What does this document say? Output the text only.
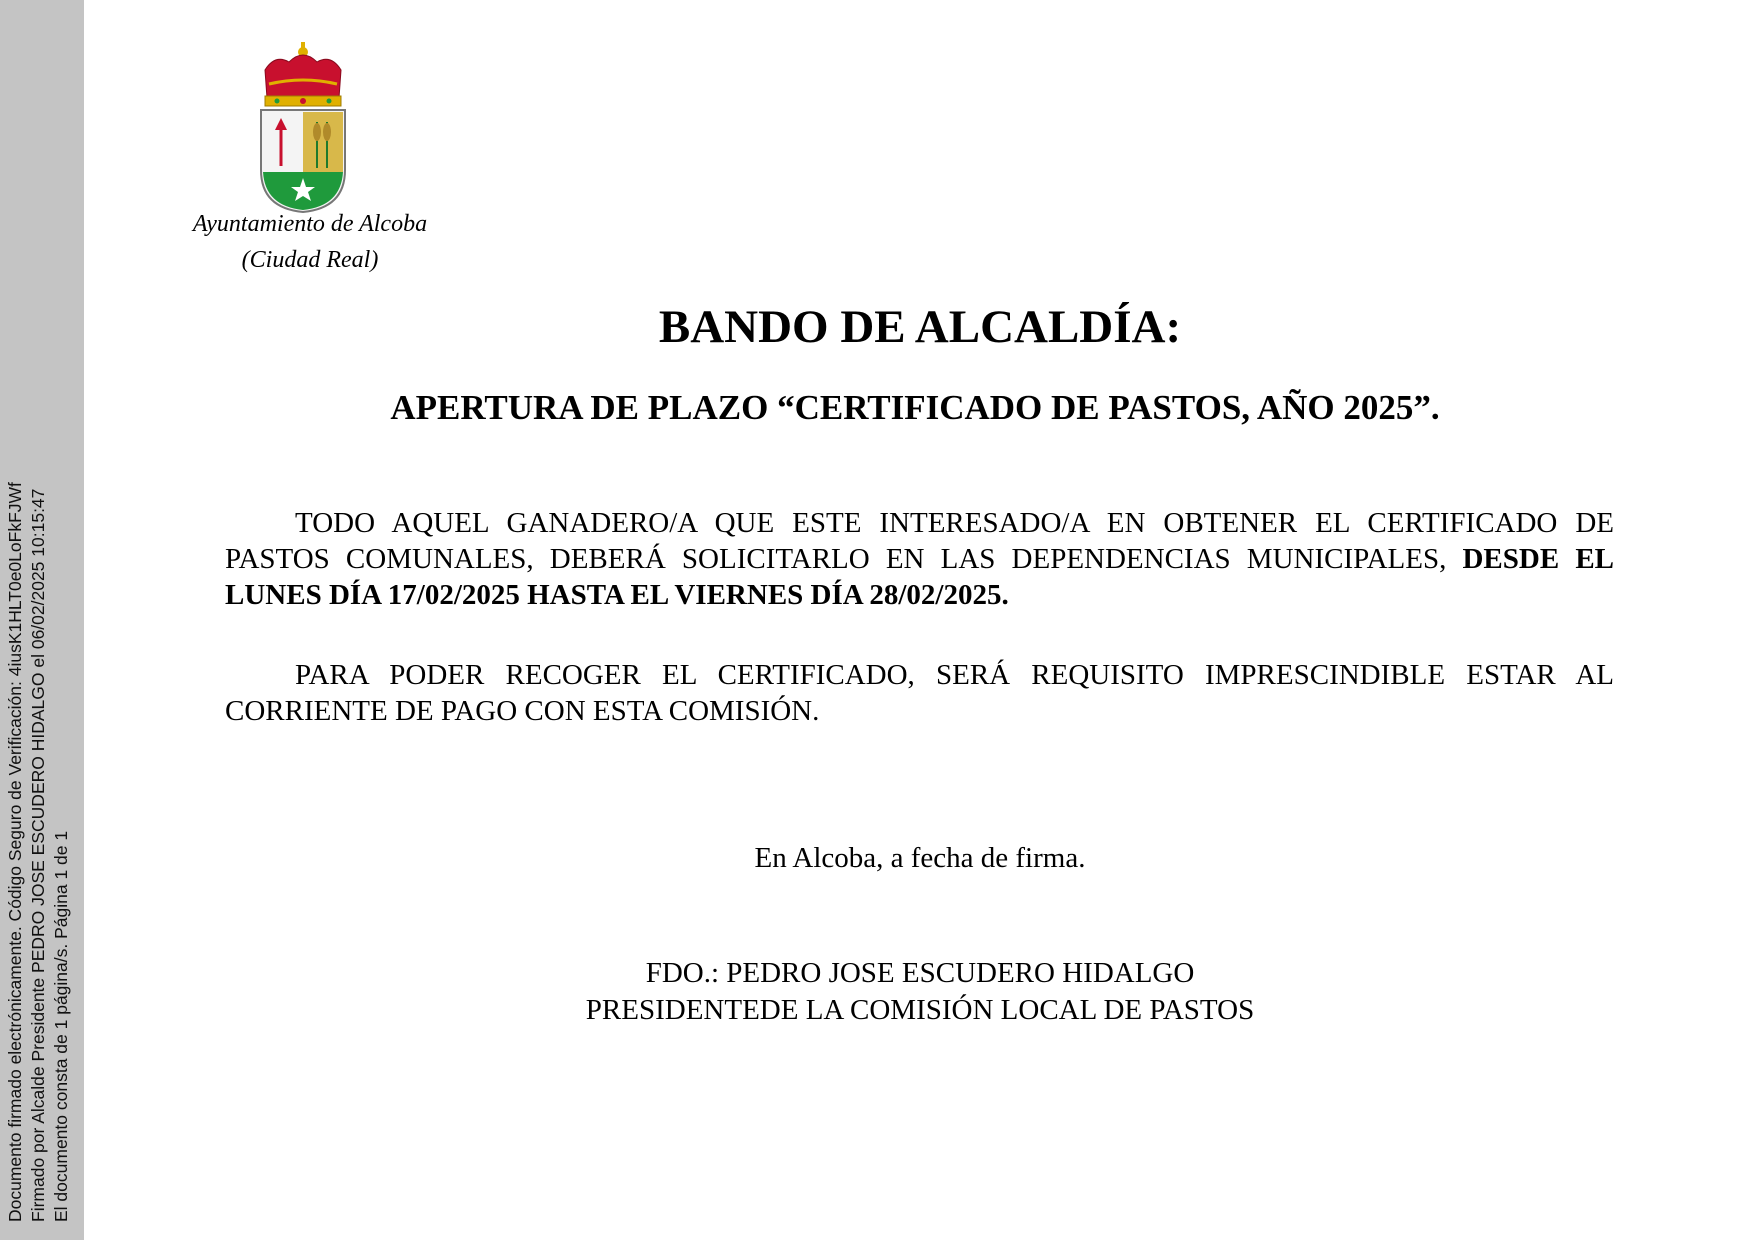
Documento firmado electrónicamente. Código Seguro de Verificación: 4iusK1HLT0e0LoFkFJWf Firmado por Alcalde Presidente PEDRO JOSE ESCUDERO HIDALGO el 06/02/2025 10:15:47 El documento consta de 1 página/s. Página 1 de 1
Ayuntamiento de Alcoba
(Ciudad Real)
BANDO DE ALCALDÍA:
APERTURA DE PLAZO “CERTIFICADO DE PASTOS, AÑO 2025”.
TODO AQUEL GANADERO/A QUE ESTE INTERESADO/A EN OBTENER EL CERTIFICADO DE PASTOS COMUNALES, DEBERÁ SOLICITARLO EN LAS DEPENDENCIAS MUNICIPALES, DESDE EL LUNES DÍA 17/02/2025 HASTA EL VIERNES DÍA 28/02/2025.
PARA PODER RECOGER EL CERTIFICADO, SERÁ REQUISITO IMPRESCINDIBLE ESTAR AL CORRIENTE DE PAGO CON ESTA COMISIÓN.
En Alcoba, a fecha de firma.
FDO.: PEDRO JOSE ESCUDERO HIDALGO
PRESIDENTEDE LA COMISIÓN LOCAL DE PASTOS
